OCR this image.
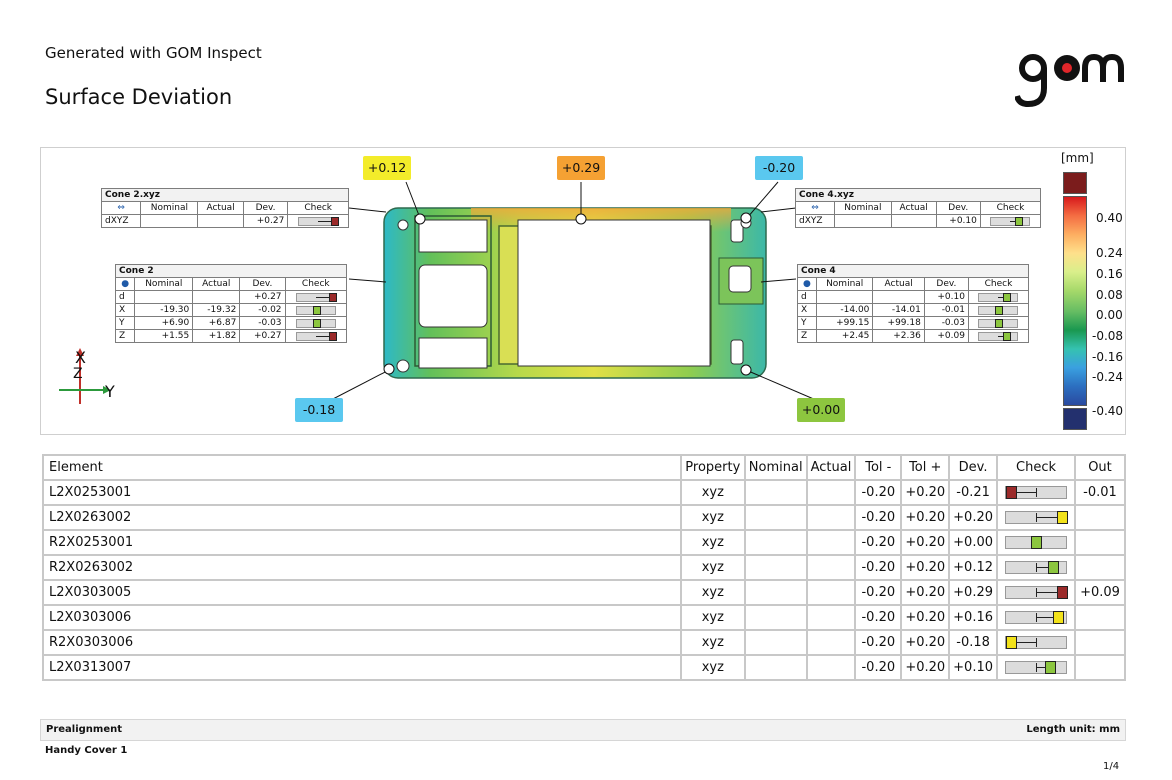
Generated with GOM Inspect
Surface Deviation
+0.12	+0.29	-0.20
-0.18	+0.00
Cone 2.xyz				
⇔	Nominal	Actual	Dev.	Check
dXYZ			+0.27	
Cone 4.xyz				
⇔	Nominal	Actual	Dev.	Check
dXYZ			+0.10	
Cone 2				
●	Nominal	Actual	Dev.	Check
d			+0.27	

X	-19.30	-19.32	-0.02	

Y	+6.90	+6.87	-0.03	

Z	+1.55	+1.82	+0.27	
Cone 4				
●	Nominal	Actual	Dev.	Check
d			+0.10	

X	-14.00	-14.01	-0.01	

Y	+99.15	+99.18	-0.03	

Z	+2.45	+2.36	+0.09	
X
Z
Y
[mm]
0.40
0.24
0.16
0.08
0.00
-0.08
-0.16
-0.24
-0.40
Element	Property	Nominal	Actual	Tol -	Tol +	Dev.	Check	Out
L2X0253001	xyz			-0.20	+0.20	-0.21		-0.01
L2X0263002	xyz			-0.20	+0.20	+0.20	

R2X0253001	xyz			-0.20	+0.20	+0.00	

R2X0263002	xyz			-0.20	+0.20	+0.12	

L2X0303005	xyz			-0.20	+0.20	+0.29		+0.09
L2X0303006	xyz			-0.20	+0.20	+0.16	

R2X0303006	xyz			-0.20	+0.20	-0.18	

L2X0313007	xyz			-0.20	+0.20	+0.10	

Prealignment	Length unit: mm
Handy Cover 1
1/4
